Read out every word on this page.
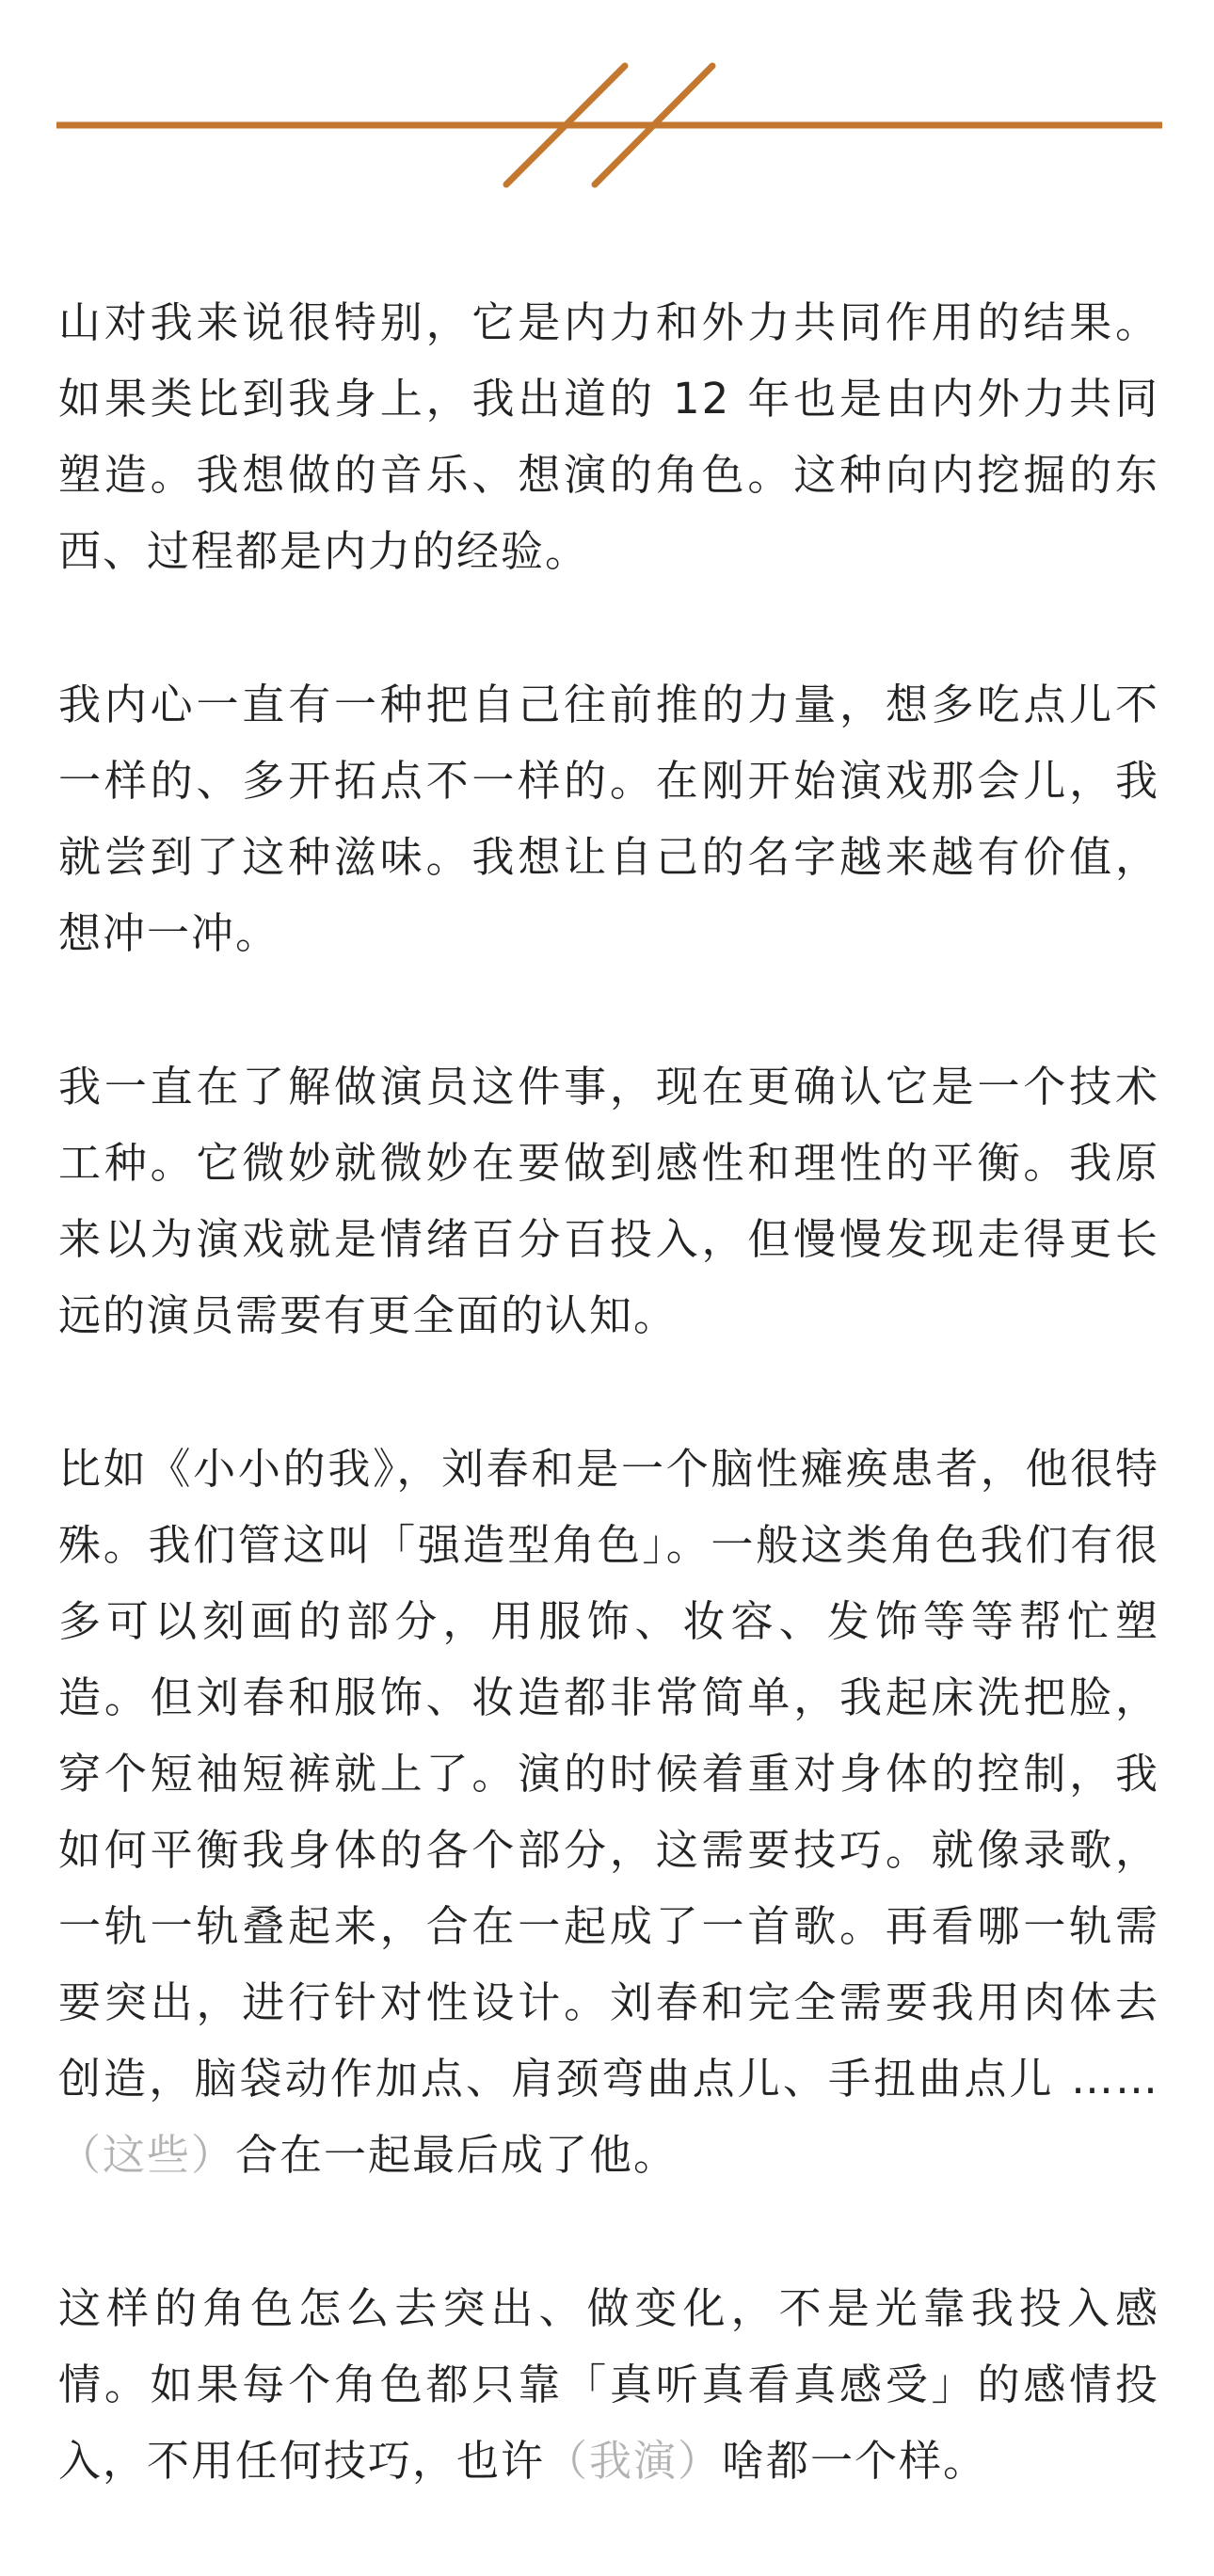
山对我来说很特别，它是内力和外力共同作用的结果。如果类比到我身上，我出道的 12 年也是由内外力共同塑造。我想做的音乐、想演的角色。这种向内挖掘的东西、过程都是内力的经验。

我内心一直有一种把自己往前推的力量，想多吃点儿不一样的、多开拓点不一样的。在刚开始演戏那会儿，我就尝到了这种滋味。我想让自己的名字越来越有价值，想冲一冲。

我一直在了解做演员这件事，现在更确认它是一个技术工种。它微妙就微妙在要做到感性和理性的平衡。我原来以为演戏就是情绪百分百投入，但慢慢发现走得更长远的演员需要有更全面的认知。

比如《小小的我》，刘春和是一个脑性瘫痪患者，他很特殊。我们管这叫「强造型角色」。一般这类角色我们有很多可以刻画的部分，用服饰、妆容、发饰等等帮忙塑造。但刘春和服饰、妆造都非常简单，我起床洗把脸，穿个短袖短裤就上了。演的时候着重对身体的控制，我如何平衡我身体的各个部分，这需要技巧。就像录歌，一轨一轨叠起来，合在一起成了一首歌。再看哪一轨需要突出，进行针对性设计。刘春和完全需要我用肉体去创造，脑袋动作加点、肩颈弯曲点儿、手扭曲点儿 ……（这些）合在一起最后成了他。

这样的角色怎么去突出、做变化，不是光靠我投入感情。如果每个角色都只靠「真听真看真感受」的感情投入，不用任何技巧，也许（我演）啥都一个样。
